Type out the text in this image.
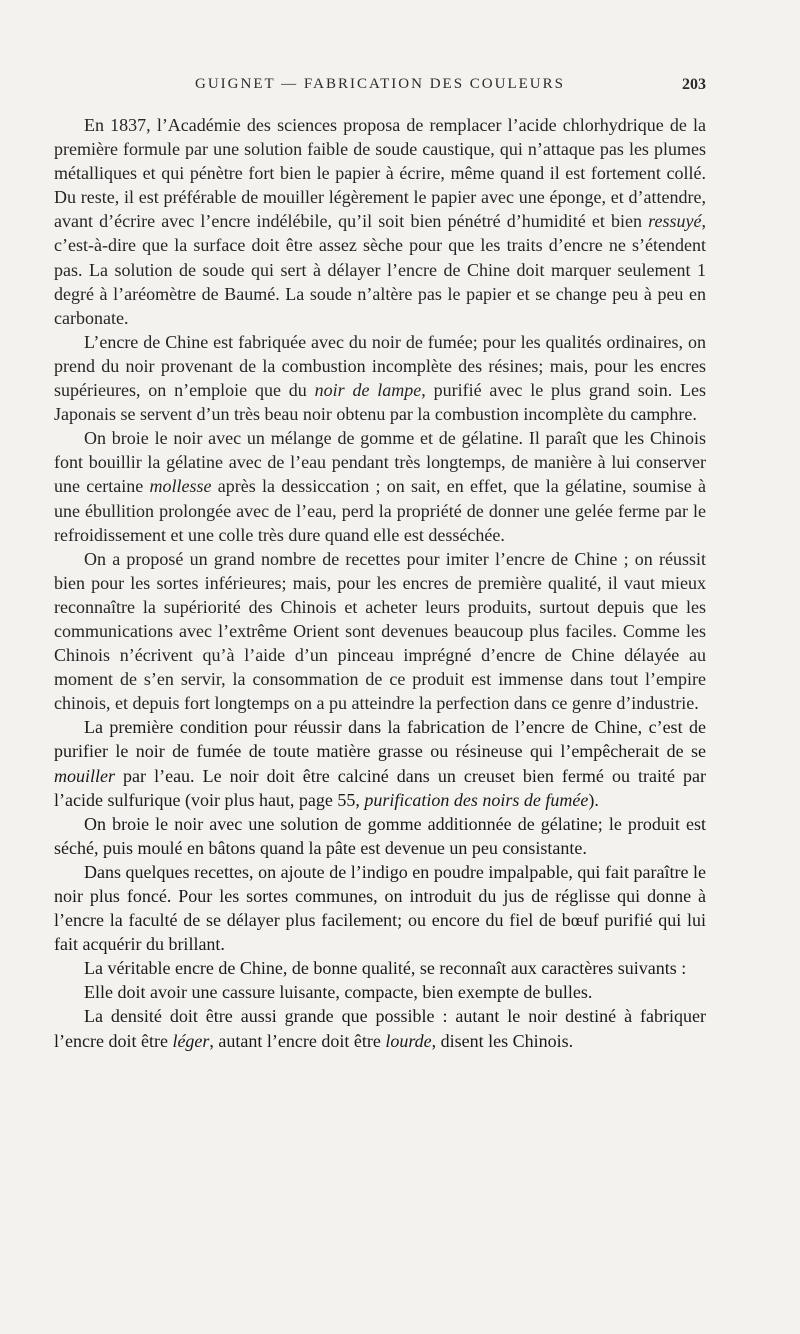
GUIGNET — FABRICATION DES COULEURS	203

En 1837, l’Académie des sciences proposa de remplacer l’acide chlorhydrique de la première formule par une solution faible de soude caustique, qui n’attaque pas les plumes métalliques et qui pénètre fort bien le papier à écrire, même quand il est fortement collé. Du reste, il est préférable de mouiller légèrement le papier avec une éponge, et d’attendre, avant d’écrire avec l’encre indélébile, qu’il soit bien pénétré d’humidité et bien ressuyé, c’est-à-dire que la surface doit être assez sèche pour que les traits d’encre ne s’étendent pas. La solution de soude qui sert à délayer l’encre de Chine doit marquer seulement 1 degré à l’aréomètre de Baumé. La soude n’altère pas le papier et se change peu à peu en carbonate.

L’encre de Chine est fabriquée avec du noir de fumée; pour les qualités ordinaires, on prend du noir provenant de la combustion incomplète des résines; mais, pour les encres supérieures, on n’emploie que du noir de lampe, purifié avec le plus grand soin. Les Japonais se servent d’un très beau noir obtenu par la combustion incomplète du camphre.

On broie le noir avec un mélange de gomme et de gélatine. Il paraît que les Chinois font bouillir la gélatine avec de l’eau pendant très longtemps, de manière à lui conserver une certaine mollesse après la dessiccation ; on sait, en effet, que la gélatine, soumise à une ébullition prolongée avec de l’eau, perd la propriété de donner une gelée ferme par le refroidissement et une colle très dure quand elle est desséchée.

On a proposé un grand nombre de recettes pour imiter l’encre de Chine ; on réussit bien pour les sortes inférieures; mais, pour les encres de première qualité, il vaut mieux reconnaître la supériorité des Chinois et acheter leurs produits, surtout depuis que les communications avec l’extrême Orient sont devenues beaucoup plus faciles. Comme les Chinois n’écrivent qu’à l’aide d’un pinceau imprégné d’encre de Chine délayée au moment de s’en servir, la consommation de ce produit est immense dans tout l’empire chinois, et depuis fort longtemps on a pu atteindre la perfection dans ce genre d’industrie.

La première condition pour réussir dans la fabrication de l’encre de Chine, c’est de purifier le noir de fumée de toute matière grasse ou résineuse qui l’empêcherait de se mouiller par l’eau. Le noir doit être calciné dans un creuset bien fermé ou traité par l’acide sulfurique (voir plus haut, page 55, purification des noirs de fumée).

On broie le noir avec une solution de gomme additionnée de gélatine; le produit est séché, puis moulé en bâtons quand la pâte est devenue un peu consistante.

Dans quelques recettes, on ajoute de l’indigo en poudre impalpable, qui fait paraître le noir plus foncé. Pour les sortes communes, on introduit du jus de réglisse qui donne à l’encre la faculté de se délayer plus facilement; ou encore du fiel de bœuf purifié qui lui fait acquérir du brillant.

La véritable encre de Chine, de bonne qualité, se reconnaît aux caractères suivants :

Elle doit avoir une cassure luisante, compacte, bien exempte de bulles.

La densité doit être aussi grande que possible : autant le noir destiné à fabriquer l’encre doit être léger, autant l’encre doit être lourde, disent les Chinois.
